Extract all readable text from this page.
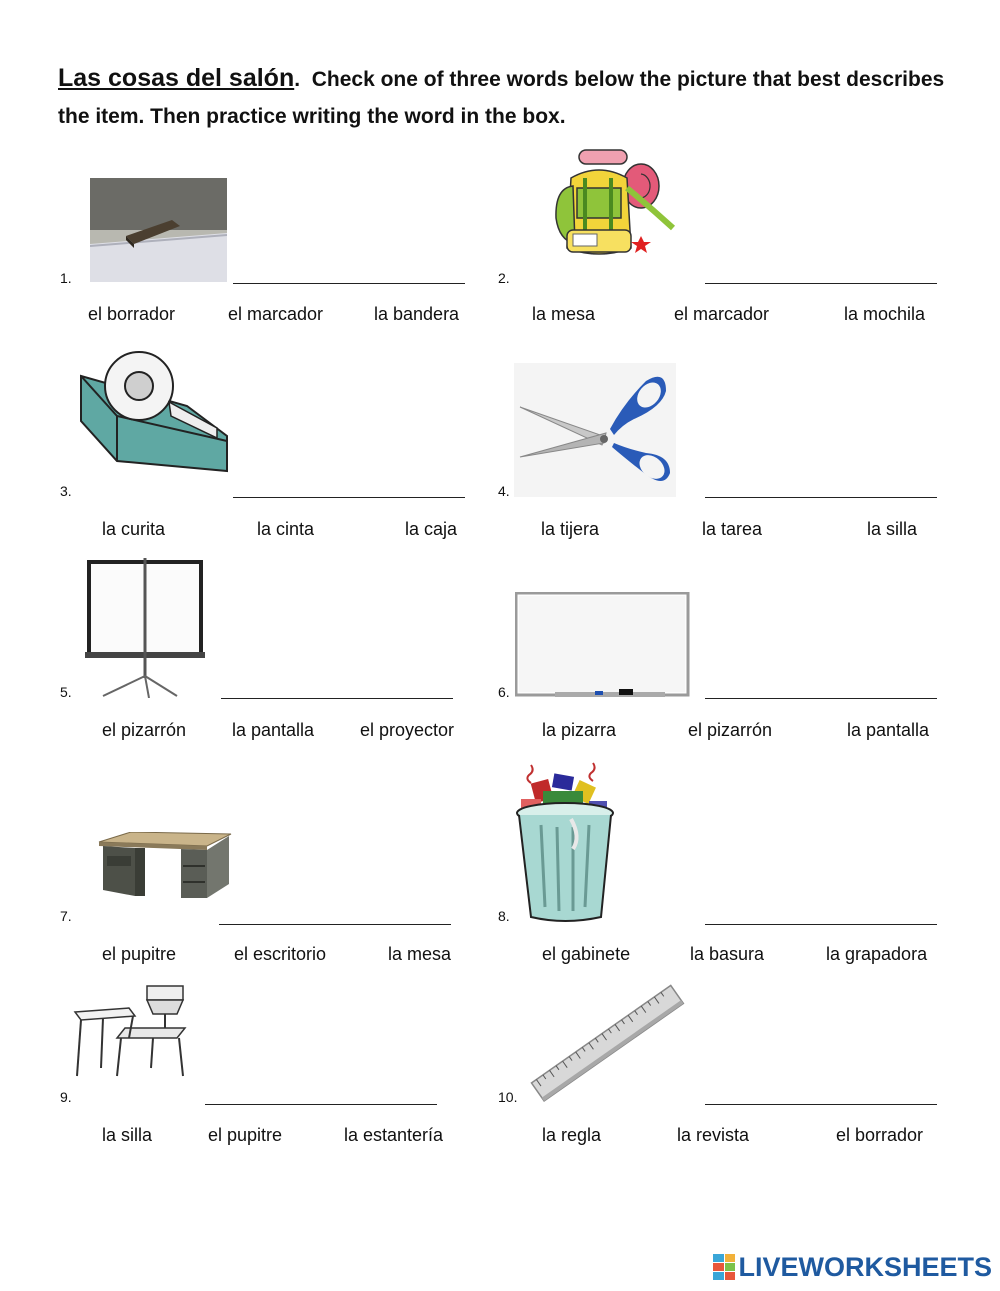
Las cosas del salón. Check one of three words below the picture that best describes the item. Then practice writing the word in the box.

1.
el borrador	el marcador	la bandera
2.
la mesa	el marcador	la mochila
3.
la curita	la cinta	la caja
4.
la tijera	la tarea	la silla
5.
el pizarrón	la pantalla	el proyector
6.
la pizarra	el pizarrón	la pantalla
7.
el pupitre	el escritorio	la mesa
8.
el gabinete	la basura	la grapadora
9.
la silla	el pupitre	la estantería
10.
la regla	la revista	el borrador
LIVEWORKSHEETS
